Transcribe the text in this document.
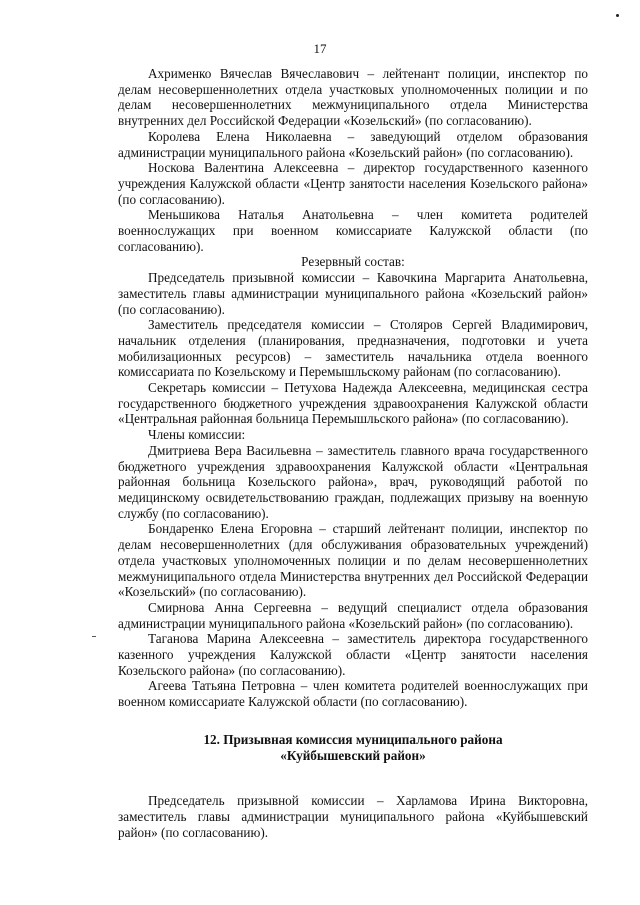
17

Ахрименко Вячеслав Вячеславович – лейтенант полиции, инспектор по делам несовершеннолетних отдела участковых уполномоченных полиции и по делам несовершеннолетних межмуниципального отдела Министерства внутренних дел Российской Федерации «Козельский» (по согласованию).

Королева Елена Николаевна – заведующий отделом образования администрации муниципального района «Козельский район» (по согласованию).

Носкова Валентина Алексеевна – директор государственного казенного учреждения Калужской области «Центр занятости населения Козельского района» (по согласованию).

Меньшикова Наталья Анатольевна – член комитета родителей военнослужащих при военном комиссариате Калужской области (по согласованию).

Резервный состав:

Председатель призывной комиссии – Кавочкина Маргарита Анатольевна, заместитель главы администрации муниципального района «Козельский район» (по согласованию).

Заместитель председателя комиссии – Столяров Сергей Владимирович, начальник отделения (планирования, предназначения, подготовки и учета мобилизационных ресурсов) – заместитель начальника отдела военного комиссариата по Козельскому и Перемышльскому районам (по согласованию).

Секретарь комиссии – Петухова Надежда Алексеевна, медицинская сестра государственного бюджетного учреждения здравоохранения Калужской области «Центральная районная больница Перемышльского района» (по согласованию).

Члены комиссии:

Дмитриева Вера Васильевна – заместитель главного врача государственного бюджетного учреждения здравоохранения Калужской области «Центральная районная больница Козельского района», врач, руководящий работой по медицинскому освидетельствованию граждан, подлежащих призыву на военную службу (по согласованию).

Бондаренко Елена Егоровна – старший лейтенант полиции, инспектор по делам несовершеннолетних (для обслуживания образовательных учреждений) отдела участковых уполномоченных полиции и по делам несовершеннолетних межмуниципального отдела Министерства внутренних дел Российской Федерации «Козельский» (по согласованию).

Смирнова Анна Сергеевна – ведущий специалист отдела образования администрации муниципального района «Козельский район» (по согласованию).

Таганова Марина Алексеевна – заместитель директора государственного казенного учреждения Калужской области «Центр занятости населения Козельского района» (по согласованию).

Агеева Татьяна Петровна – член комитета родителей военнослужащих при военном комиссариате Калужской области (по согласованию).

12. Призывная комиссия муниципального района
«Куйбышевский район»

Председатель призывной комиссии – Харламова Ирина Викторовна, заместитель главы администрации муниципального района «Куйбышевский район» (по согласованию).
